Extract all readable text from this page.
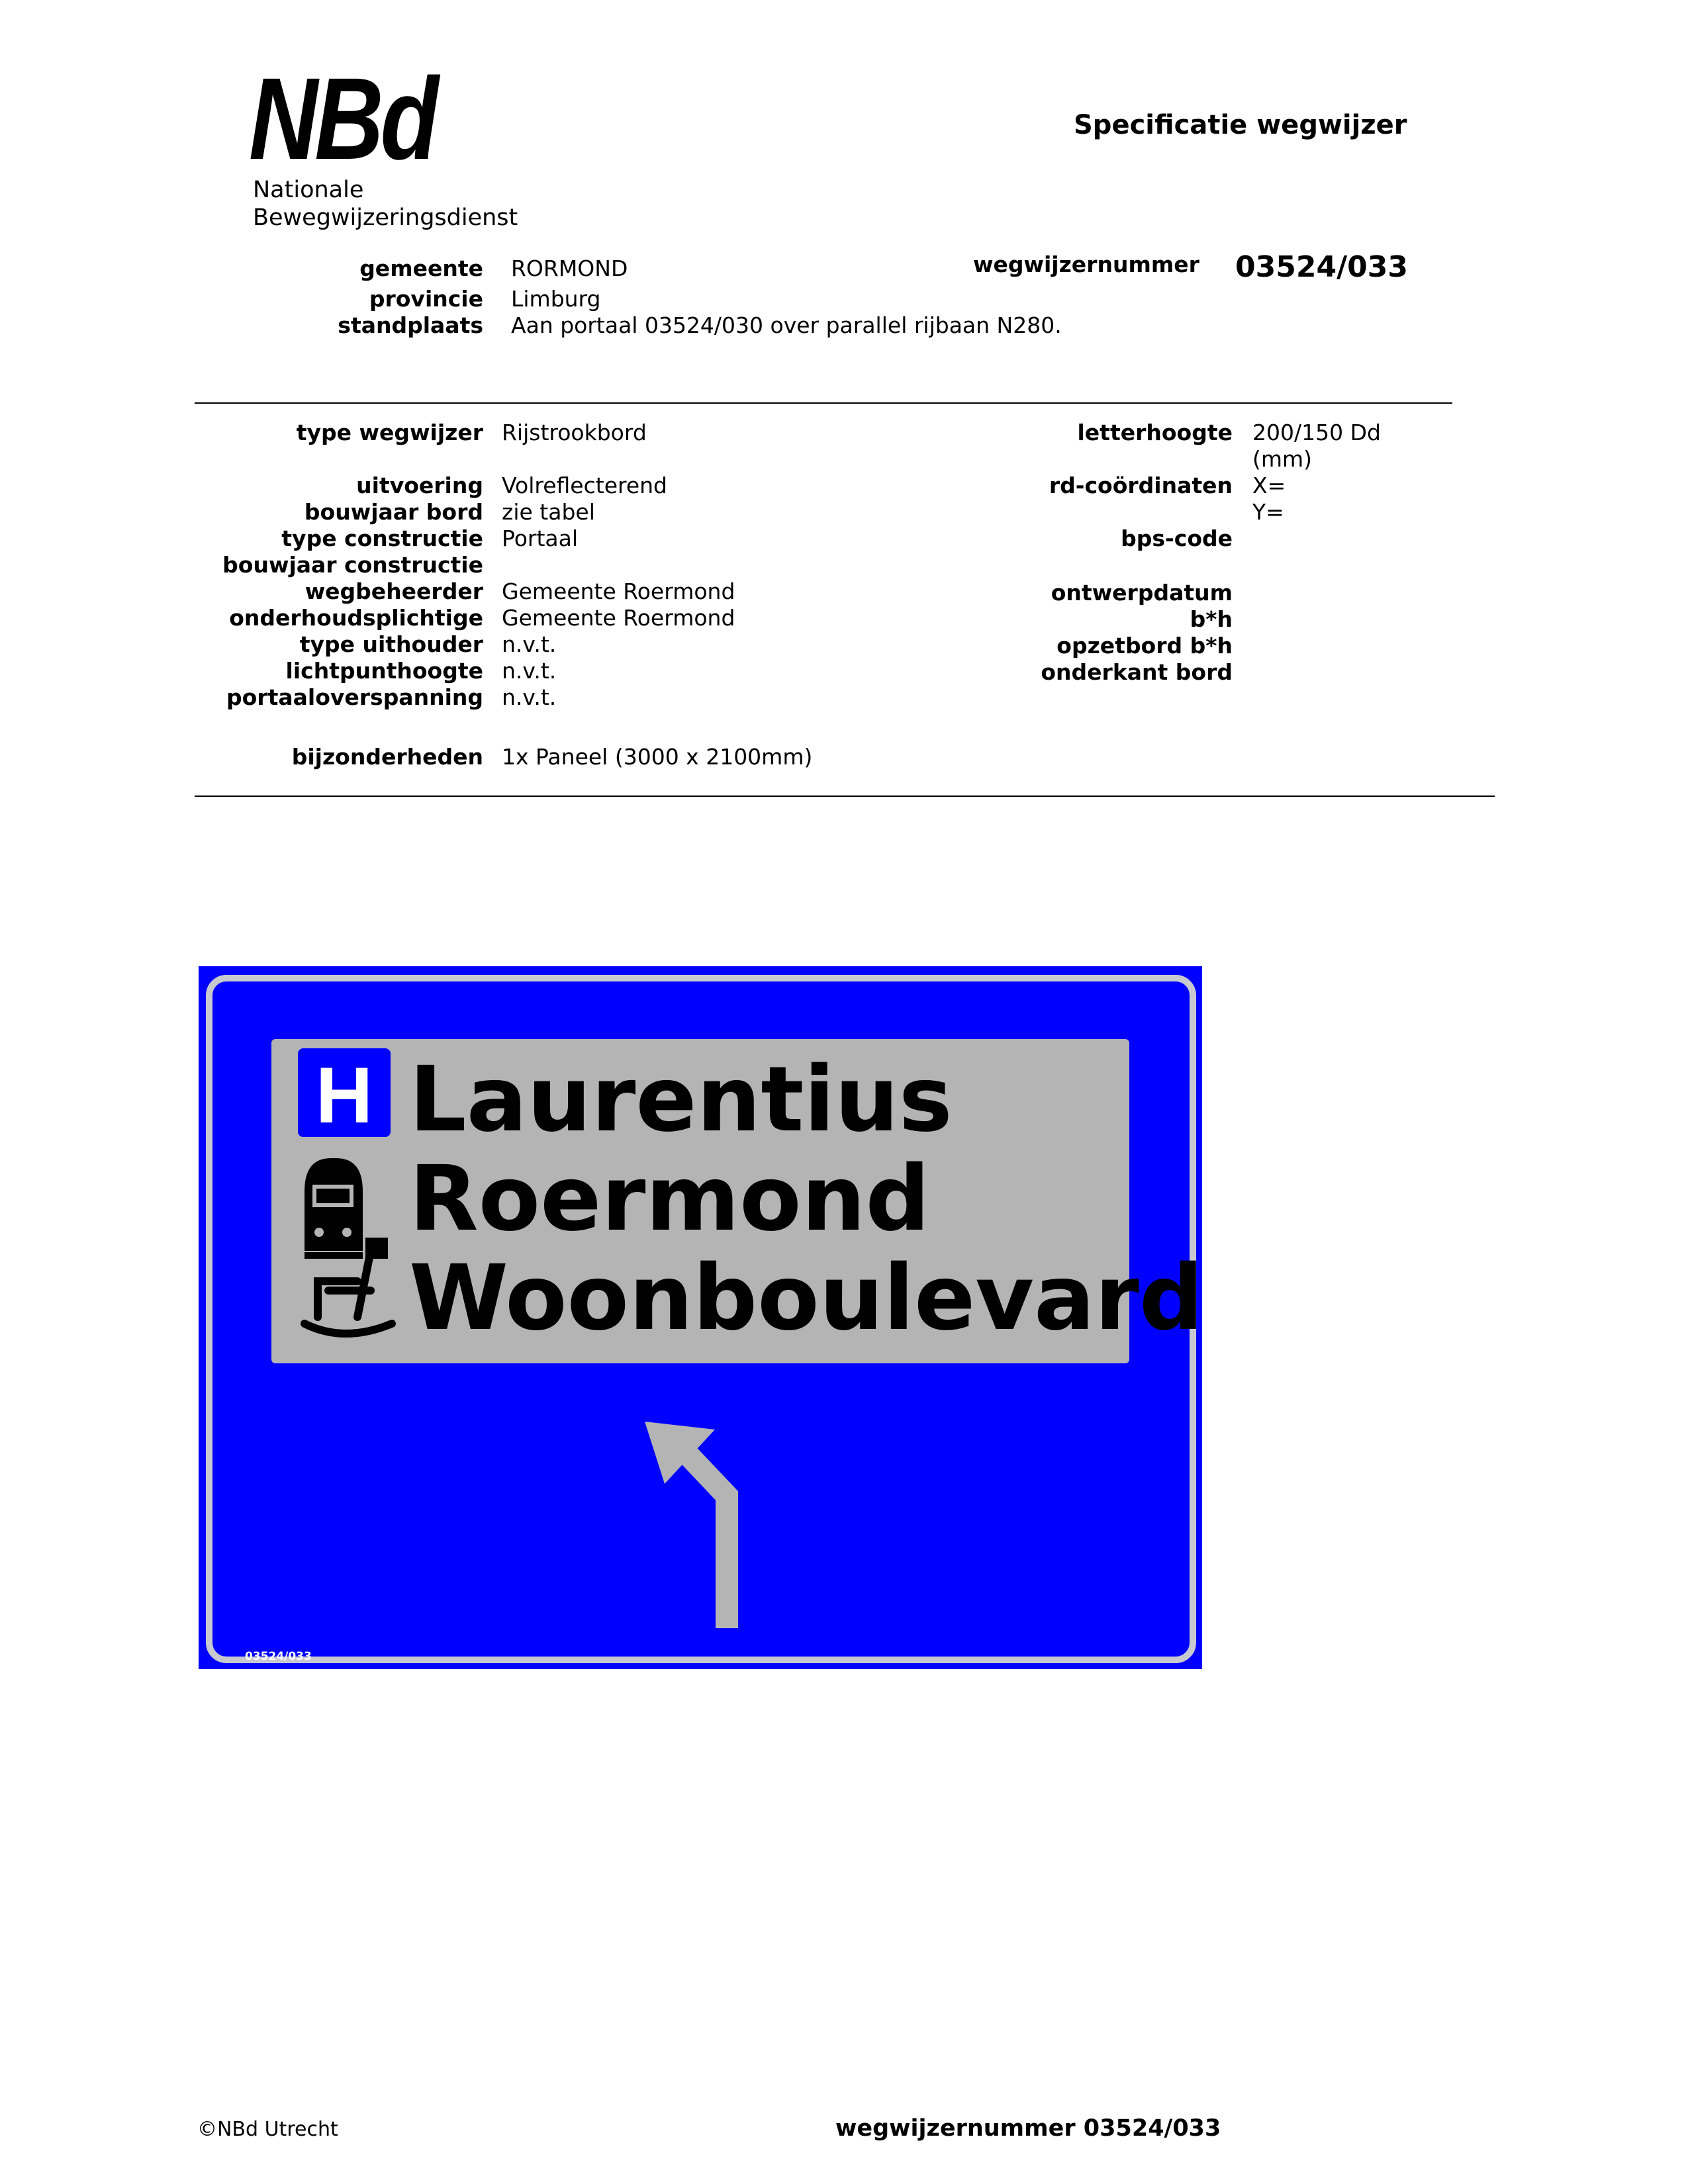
NBd
Nationale
Bewegwijzeringsdienst
Specificatie wegwijzer
gemeente RORMOND
provincie Limburg
standplaats Aan portaal 03524/030 over parallel rijbaan N280.
wegwijzernummer 03524/033
type wegwijzer Rijstrookbord
uitvoering Volreflecterend
bouwjaar bord zie tabel
type constructie Portaal
bouwjaar constructie
wegbeheerder Gemeente Roermond
onderhoudsplichtige Gemeente Roermond
type uithouder n.v.t.
lichtpunthoogte n.v.t.
portaaloverspanning n.v.t.
letterhoogte 200/150 Dd
(mm)
rd-coördinaten X=
Y=
bps-code
ontwerpdatum
b*h
opzetbord b*h
onderkant bord
bijzonderheden 1x Paneel (3000 x 2100mm)
H Laurentius
Roermond
Woonboulevard
03524/033
©NBd Utrecht	wegwijzernummer 03524/033
